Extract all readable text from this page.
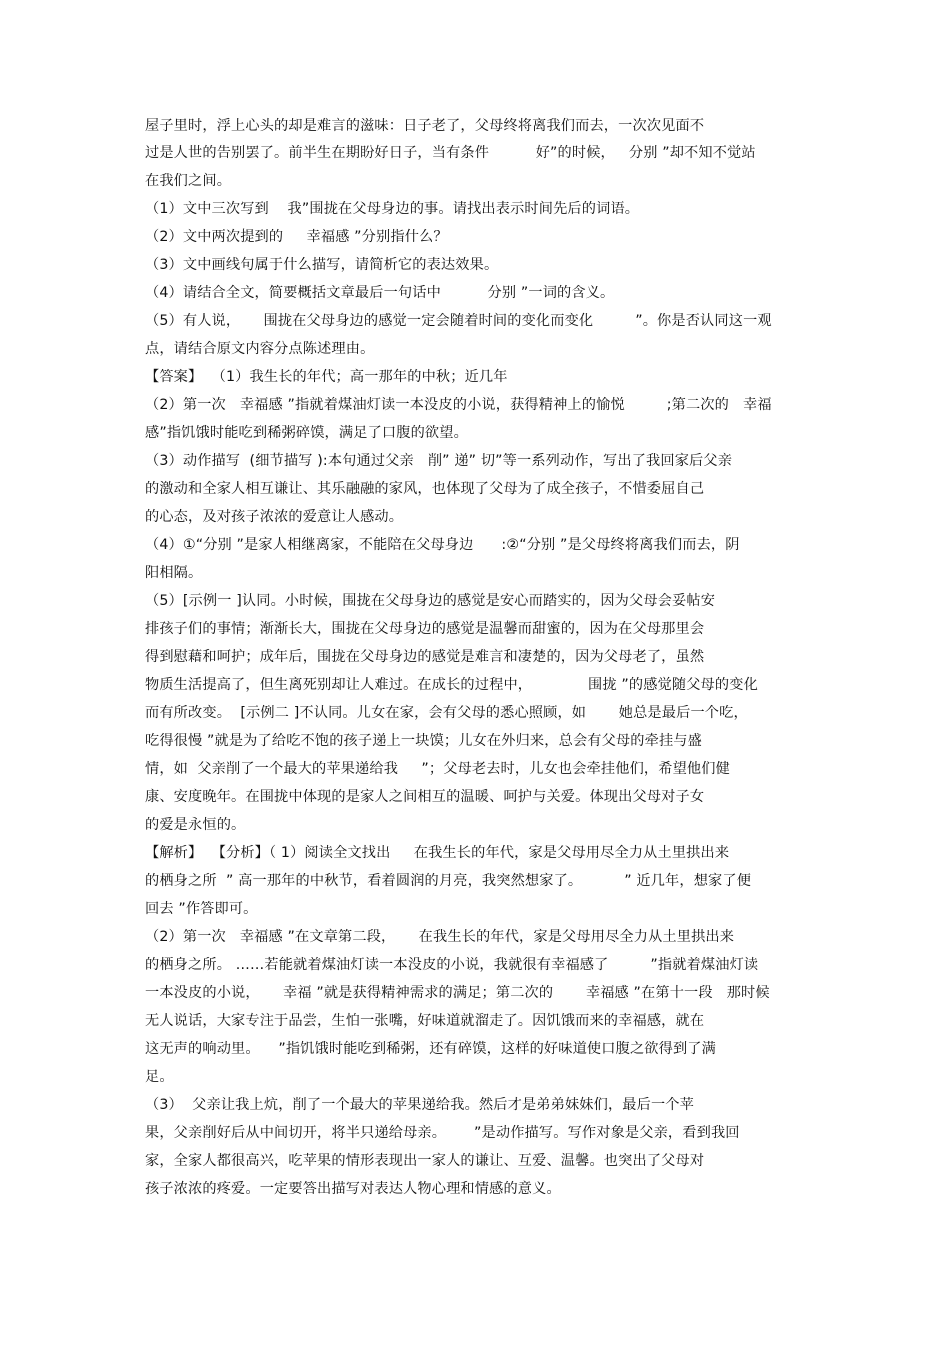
屋子里时，浮上心头的却是难言的滋味：日子老了，父母终将离我们而去，一次次见面不
过是人世的告别罢了。前半生在期盼好日子，当有条件          好”的时候，   分别 ”却不知不觉站
在我们之间。
（1）文中三次写到    我”围拢在父母身边的事。请找出表示时间先后的词语。
（2）文中两次提到的     幸福感 ”分别指什么？
（3）文中画线句属于什么描写，请简析它的表达效果。
（4）请结合全文，简要概括文章最后一句话中          分别 ”一词的含义。
（5）有人说，     围拢在父母身边的感觉一定会随着时间的变化而变化         ”。你是否认同这一观
点，请结合原文内容分点陈述理由。
【答案】  （1）我生长的年代；高一那年的中秋；近几年
（2）第一次   幸福感 ”指就着煤油灯读一本没皮的小说，获得精神上的愉悦         ;第二次的   幸福
感”指饥饿时能吃到稀粥碎馍，满足了口腹的欲望。
（3）动作描写  (细节描写 ):本句通过父亲   削” 递” 切”等一系列动作，写出了我回家后父亲
的激动和全家人相互谦让、其乐融融的家风，也体现了父母为了成全孩子，不惜委屈自己
的心态，及对孩子浓浓的爱意让人感动。
（4）①“分别 ”是家人相继离家，不能陪在父母身边      :②“分别 ”是父母终将离我们而去，阴
阳相隔。
（5）[示例一 ]认同。小时候，围拢在父母身边的感觉是安心而踏实的，因为父母会妥帖安
排孩子们的事情；渐渐长大，围拢在父母身边的感觉是温馨而甜蜜的，因为在父母那里会
得到慰藉和呵护；成年后，围拢在父母身边的感觉是难言和凄楚的，因为父母老了，虽然
物质生活提高了，但生离死别却让人难过。在成长的过程中，            围拢 ”的感觉随父母的变化
而有所改变。  [示例二 ]不认同。儿女在家，会有父母的悉心照顾，如       她总是最后一个吃，
吃得很慢 ”就是为了给吃不饱的孩子递上一块馍；儿女在外归来，总会有父母的牵挂与盛
情，如  父亲削了一个最大的苹果递给我     ”；父母老去时，儿女也会牵挂他们，希望他们健
康、安度晚年。在围拢中体现的是家人之间相互的温暖、呵护与关爱。体现出父母对子女
的爱是永恒的。
【解析】  【分析】（ 1）阅读全文找出     在我生长的年代，家是父母用尽全力从土里拱出来
的栖身之所  ” 高一那年的中秋节，看着圆润的月亮，我突然想家了。         ” 近几年，想家了便
回去 ”作答即可。
（2）第一次   幸福感 ”在文章第二段，     在我生长的年代，家是父母用尽全力从土里拱出来
的栖身之所。 ……若能就着煤油灯读一本没皮的小说，我就很有幸福感了         ”指就着煤油灯读
一本没皮的小说，     幸福 ”就是获得精神需求的满足；第二次的       幸福感 ”在第十一段   那时候
无人说话，大家专注于品尝，生怕一张嘴，好味道就溜走了。因饥饿而来的幸福感，就在
这无声的响动里。    ”指饥饿时能吃到稀粥，还有碎馍，这样的好味道使口腹之欲得到了满
足。
（3）  父亲让我上炕，削了一个最大的苹果递给我。然后才是弟弟妹妹们，最后一个苹
果，父亲削好后从中间切开，将半只递给母亲。      ”是动作描写。写作对象是父亲，看到我回
家，全家人都很高兴，吃苹果的情形表现出一家人的谦让、互爱、温馨。也突出了父母对
孩子浓浓的疼爱。一定要答出描写对表达人物心理和情感的意义。
